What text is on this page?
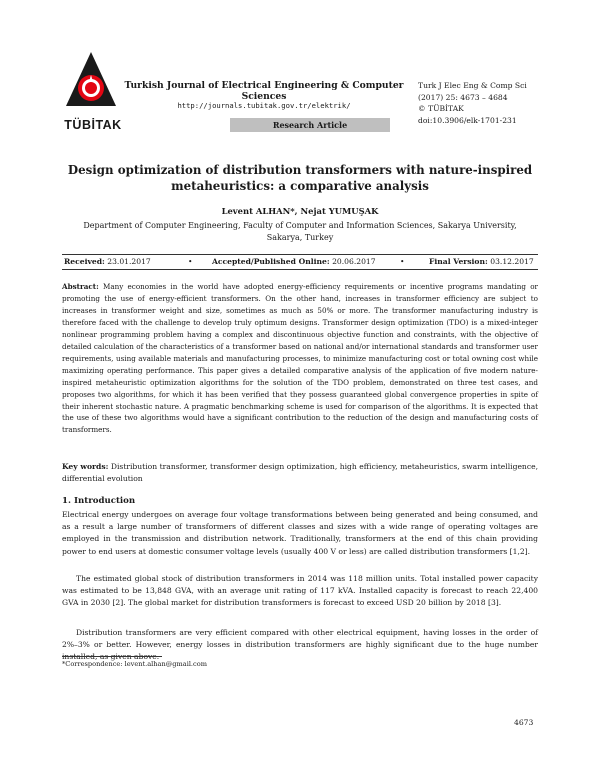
TÜBİTAK
Turkish Journal of Electrical Engineering & Computer Sciences
http://journals.tubitak.gov.tr/elektrik/
Research Article
Turk J Elec Eng & Comp Sci
(2017) 25: 4673 – 4684
© TÜBİTAK
doi:10.3906/elk-1701-231
Design optimization of distribution transformers with nature-inspired metaheuristics: a comparative analysis
Levent ALHAN*, Nejat YUMUŞAK
Department of Computer Engineering, Faculty of Computer and Information Sciences, Sakarya University, Sakarya, Turkey
Received: 23.01.2017	•	Accepted/Published Online: 20.06.2017	•	Final Version: 03.12.2017
Abstract: Many economies in the world have adopted energy-efficiency requirements or incentive programs mandating or promoting the use of energy-efficient transformers. On the other hand, increases in transformer efficiency are subject to increases in transformer weight and size, sometimes as much as 50% or more. The transformer manufacturing industry is therefore faced with the challenge to develop truly optimum designs. Transformer design optimization (TDO) is a mixed-integer nonlinear programming problem having a complex and discontinuous objective function and constraints, with the objective of detailed calculation of the characteristics of a transformer based on national and/or international standards and transformer user requirements, using available materials and manufacturing processes, to minimize manufacturing cost or total owning cost while maximizing operating performance. This paper gives a detailed comparative analysis of the application of five modern nature-inspired metaheuristic optimization algorithms for the solution of the TDO problem, demonstrated on three test cases, and proposes two algorithms, for which it has been verified that they possess guaranteed global convergence properties in spite of their inherent stochastic nature. A pragmatic benchmarking scheme is used for comparison of the algorithms. It is expected that the use of these two algorithms would have a significant contribution to the reduction of the design and manufacturing costs of transformers.
Key words: Distribution transformer, transformer design optimization, high efficiency, metaheuristics, swarm intelligence, differential evolution
1. Introduction
Electrical energy undergoes on average four voltage transformations between being generated and being consumed, and as a result a large number of transformers of different classes and sizes with a wide range of operating voltages are employed in the transmission and distribution network. Traditionally, transformers at the end of this chain providing power to end users at domestic consumer voltage levels (usually 400 V or less) are called distribution transformers [1,2].
The estimated global stock of distribution transformers in 2014 was 118 million units. Total installed power capacity was estimated to be 13,848 GVA, with an average unit rating of 117 kVA. Installed capacity is forecast to reach 22,400 GVA in 2030 [2]. The global market for distribution transformers is forecast to exceed USD 20 billion by 2018 [3].
Distribution transformers are very efficient compared with other electrical equipment, having losses in the order of 2%–3% or better. However, energy losses in distribution transformers are highly significant due to the huge number installed, as given above.
*Correspondence: levent.alhan@gmail.com
4673
